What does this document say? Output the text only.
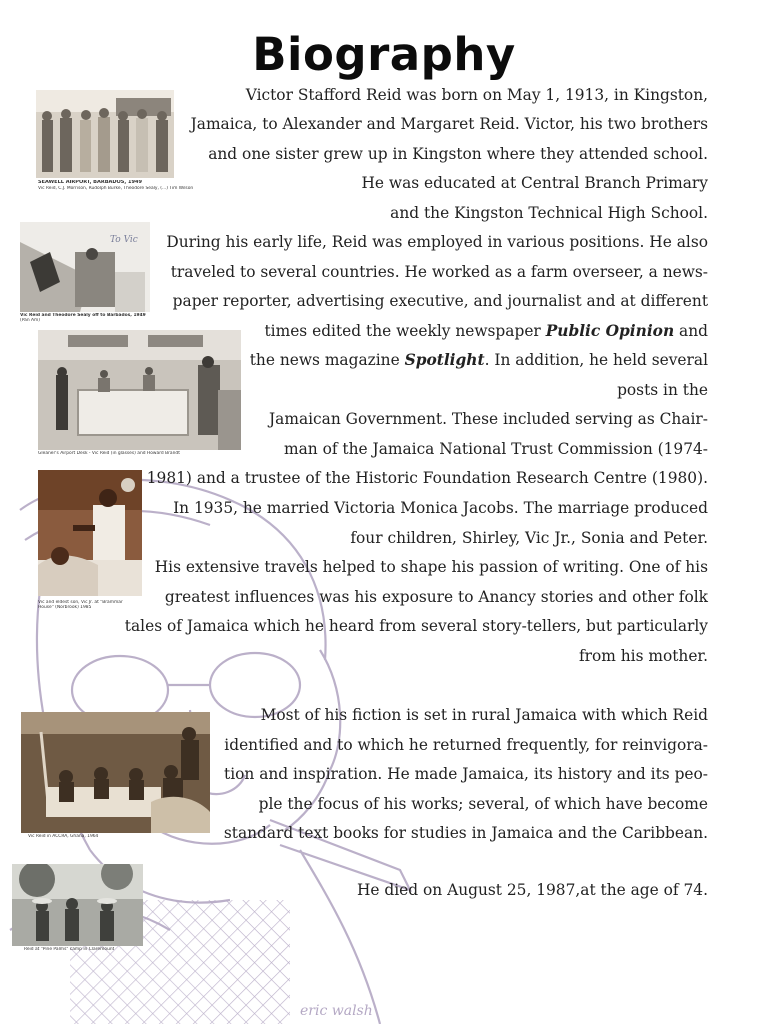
eric walsh
Biography
Victor Stafford Reid was born on May 1, 1913, in Kingston,
Jamaica, to Alexander and Margaret Reid. Victor, his two brothers
and one sister grew up in Kingston where they attended school.
He was educated at Central Branch Primary
and the Kingston Technical High School.
During his early life, Reid was employed in various positions. He also
traveled to several countries. He worked as a farm overseer, a news-
paper reporter, advertising executive, and journalist and at different
times edited the weekly newspaper Public Opinion and
the news magazine Spotlight. In addition, he held several
posts in the
Jamaican Government. These included serving as Chair-
man of the Jamaica National Trust Commission (1974-
1981) and a trustee of the Historic Foundation Research Centre (1980).
In 1935, he married Victoria Monica Jacobs. The marriage produced
four children, Shirley, Vic Jr., Sonia and Peter.
His extensive travels helped to shape his passion of writing. One of his
greatest influences was his exposure to Anancy stories and other folk
tales of Jamaica which he heard from several story-tellers, but particularly
from his mother.
Most of his fiction is set in rural Jamaica with which Reid
identified and to which he returned frequently, for reinvigora-
tion and inspiration. He made Jamaica, its history and its peo-
ple the focus of his works; several, of which have become
standard text books for studies in Jamaica and the Caribbean.
He died on August 25, 1987,at the age of 74.
SEAWELL AIRPORT, BARBADOS, 1949
Vic Reid, C.J. Morrison, Rudolph Burke, Theodore Sealy, (...) Tim Wilson
To Vic
Vic Reid and Theodore Sealy off to Barbados, 1949
(Pan Am)
Gleaner's Airport Desk - Vic Reid (in glasses) and Howard Brandt
Vic and eldest son, Vic Jr. at "Brammar
House" (Norbrook) 1985
Vic Reid in ACCRA, Ghana, 1964
Reid at "Pine Palms" camp in Claremount
